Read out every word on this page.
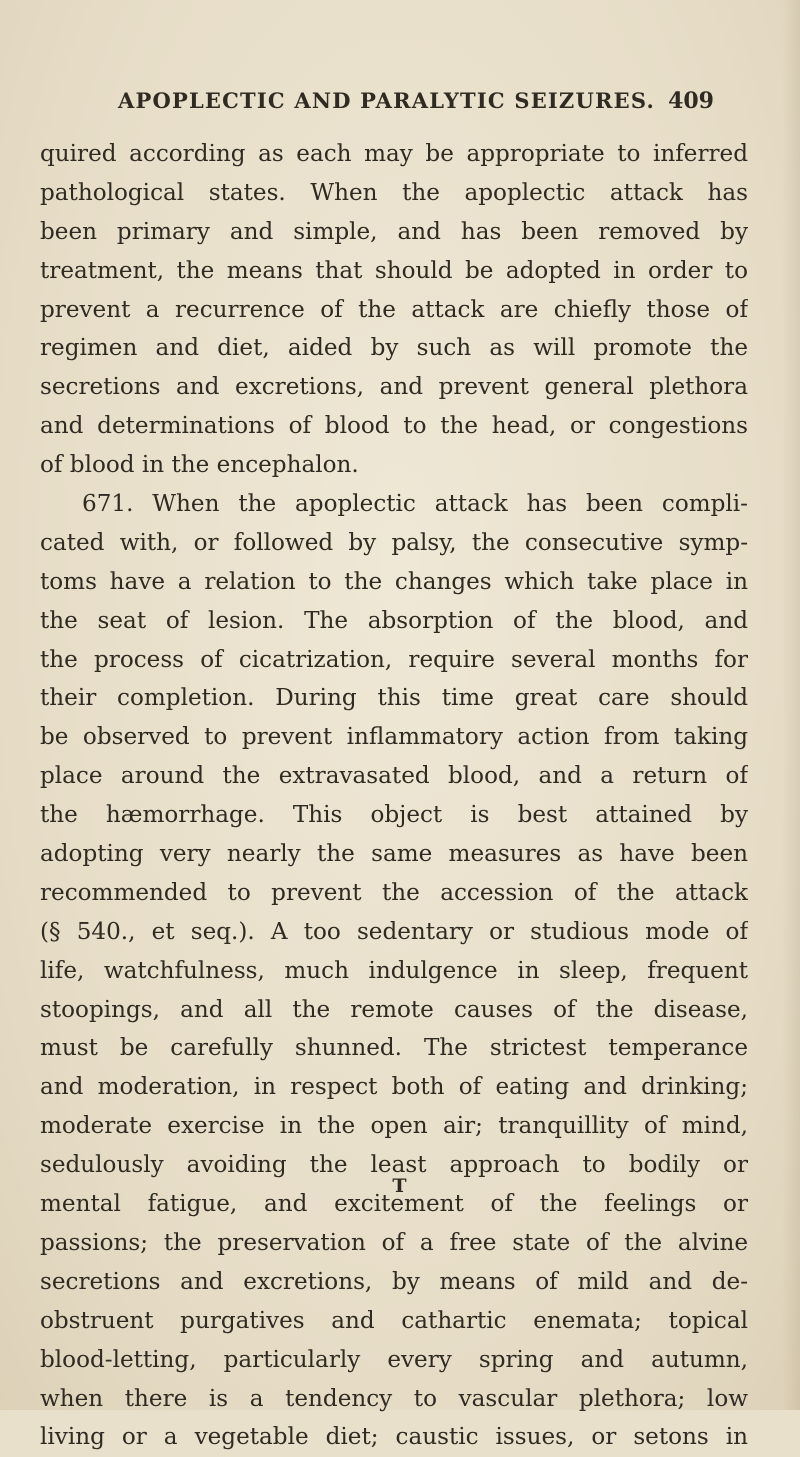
APOPLECTIC AND PARALYTIC SEIZURES. 409
quired according as each may be appropriate to inferred
pathological states. When the apoplectic attack has
been primary and simple, and has been removed by
treatment, the means that should be adopted in order to
prevent a recurrence of the attack are chiefly those of
regimen and diet, aided by such as will promote the
secretions and excretions, and prevent general plethora
and determinations of blood to the head, or congestions
of blood in the encephalon.
671. When the apoplectic attack has been compli-
cated with, or followed by palsy, the consecutive symp-
toms have a relation to the changes which take place in
the seat of lesion. The absorption of the blood, and
the process of cicatrization, require several months for
their completion. During this time great care should
be observed to prevent inflammatory action from taking
place around the extravasated blood, and a return of
the hæmorrhage. This object is best attained by
adopting very nearly the same measures as have been
recommended to prevent the accession of the attack
(§ 540., et seq.). A too sedentary or studious mode of
life, watchfulness, much indulgence in sleep, frequent
stoopings, and all the remote causes of the disease,
must be carefully shunned. The strictest temperance
and moderation, in respect both of eating and drinking;
moderate exercise in the open air; tranquillity of mind,
sedulously avoiding the least approach to bodily or
mental fatigue, and excitement of the feelings or
passions; the preservation of a free state of the alvine
secretions and excretions, by means of mild and de-
obstruent purgatives and cathartic enemata; topical
blood-letting, particularly every spring and autumn,
when there is a tendency to vascular plethora; low
living or a vegetable diet; caustic issues, or setons in
T
